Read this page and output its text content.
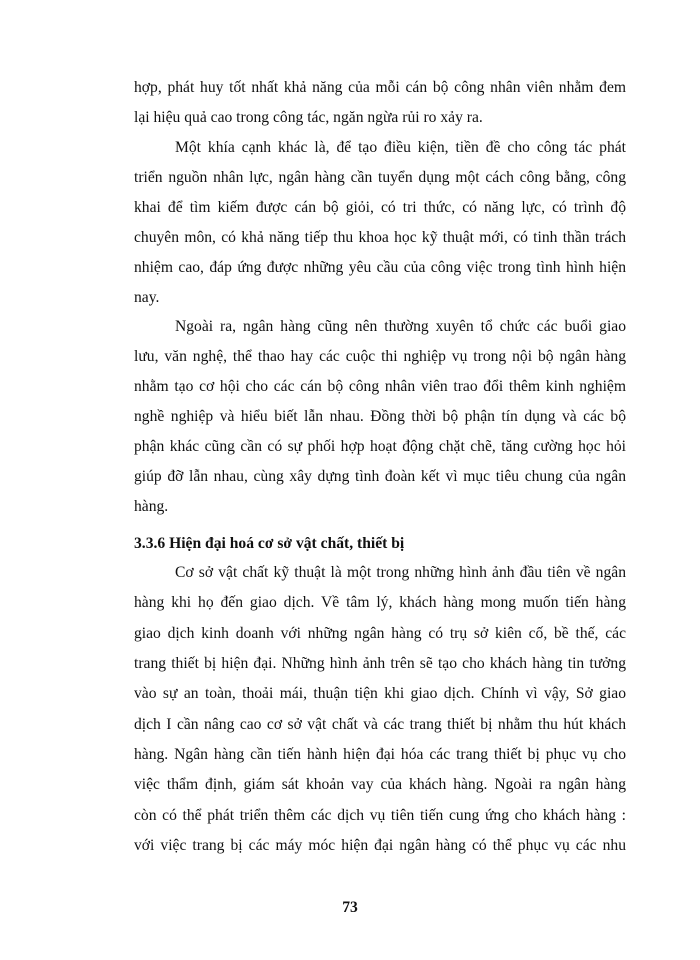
73
hợp, phát huy tốt nhất khả năng của mỗi cán bộ công nhân viên nhằm đem
lại hiệu quả cao trong công tác, ngăn ngừa rủi ro xảy ra.
Một khía cạnh khác là, để tạo điều kiện, tiền đề cho công tác phát
triển nguồn nhân lực, ngân hàng cần tuyển dụng một cách công bằng, công
khai để tìm kiếm được cán bộ giỏi, có tri thức, có năng lực, có trình độ
chuyên môn, có khả năng tiếp thu khoa học kỹ thuật mới, có tinh thần trách
nhiệm cao, đáp ứng được những yêu cầu của công việc trong tình hình hiện
nay.
Ngoài ra, ngân hàng cũng nên thường xuyên tổ chức các buổi giao
lưu, văn nghệ, thể thao hay các cuộc thi nghiệp vụ trong nội bộ ngân hàng
nhằm tạo cơ hội cho các cán bộ công nhân viên trao đổi thêm kinh nghiệm
nghề nghiệp và hiểu biết lẫn nhau. Đồng thời bộ phận tín dụng và các bộ
phận khác cũng cần có sự phối hợp hoạt động chặt chẽ, tăng cường học hỏi
giúp đỡ lẫn nhau, cùng xây dựng tình đoàn kết vì mục tiêu chung của ngân
hàng.
Cơ sở vật chất kỹ thuật là một trong những hình ảnh đầu tiên về ngân
hàng khi họ đến giao dịch. Về tâm lý, khách hàng mong muốn tiến hàng
giao dịch kinh doanh với những ngân hàng có trụ sở kiên cố, bề thế, các
trang thiết bị hiện đại. Những hình ảnh trên sẽ tạo cho khách hàng tin tưởng
vào sự an toàn, thoải mái, thuận tiện khi giao dịch. Chính vì vậy, Sở giao
dịch I cần nâng cao cơ sở vật chất và các trang thiết bị nhằm thu hút khách
hàng. Ngân hàng cần tiến hành hiện đại hóa các trang thiết bị phục vụ cho
việc thẩm định, giám sát khoản vay của khách hàng. Ngoài ra ngân hàng
còn có thể phát triển thêm các dịch vụ tiên tiến cung ứng cho khách hàng :
với việc trang bị các máy móc hiện đại ngân hàng có thể phục vụ các nhu
3.3.6 Hiện đại hoá cơ sở vật chất, thiết bị
